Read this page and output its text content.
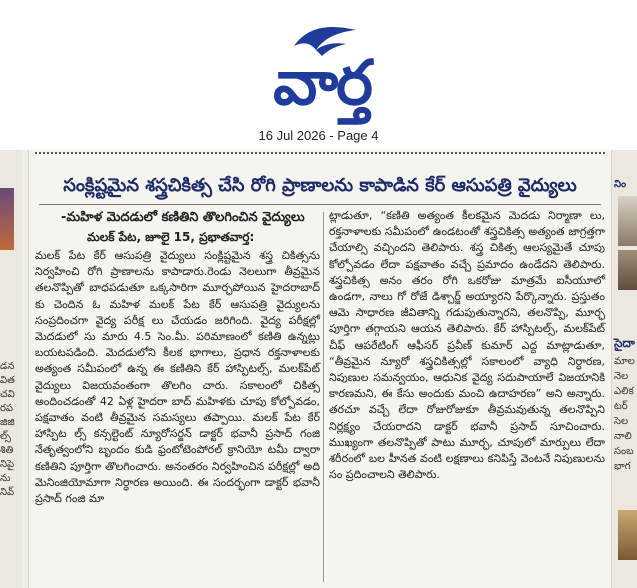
వార్త
16 Jul 2026 - Page 4
డన
విత
చవి
రప
జిజి
ల్స్
శితి
నిపై
ను
నివ్
సంక్లిష్టమైన శస్త్రచికిత్స చేసి రోగి ప్రాణాలను కాపాడిన కేర్ ఆసుపత్రి వైద్యులు
-మహిళ మెదడులో కణితిని తొలగించిన వైద్యులు
మలక్ పేట, జూలై 15, ప్రభాతవార్త:

మలక్ పేట కేర్ ఆసుపత్రి వైద్యులు సంక్లిష్టమైన శస్త్ర చికిత్సను నిర్వహించి రోగి ప్రాణాలను కాపాడారు.రెండు నెలలుగా తీవ్రమైన తలనొప్పితో బాధపడుతూ ఒక్కసారిగా మూర్ఛపోయిన హైదరాబాద్ కు చెందిన ఓ మహిళ మలక్ పేట కేర్ ఆసుపత్రి వైద్యులను సంప్రదించగా వైద్య పరీక్ష లు చేయడం జరిగింది. వైద్య పరీక్షల్లో మెదడులో సు మారు 4.5 సెం.మీ. పరిమాణంలో కణితి ఉన్నట్లు బయటపడింది. మెదడులోని కీలక భాగాలు, ప్రధాన రక్తనాళాలకు అత్యంత సమీపంలో ఉన్న ఈ కణితిని కేర్ హాస్పిటల్స్, మలక్‌పేట్ వైద్యులు విజయవంతంగా తొలగిం చారు. సకాలంలో చికిత్స అందించడంతో 42 ఏళ్ల హైదరా బాద్ మహిళకు చూపు కోల్పోవడం, పక్షవాతం వంటి తీవ్రమైన సమస్యలు తప్పాయి. మలక్ పేట కేర్ హాస్పిట ల్స్ కన్సల్టెంట్ న్యూరోసర్జన్ డాక్టర్ భవానీ ప్రసాద్ గంజి నేతృత్వంలోని బృందం కుడి ఫ్రంటోటెంపోరల్ క్రానియో టమీ ద్వారా కణితిని పూర్తిగా తొలగించారు. అనంతరం నిర్వహించిన పరీక్షల్లో అది మెనింజియోమాగా నిర్ధారణ అయింది. ఈ సందర్భంగా డాక్టర్ భవానీ ప్రసాద్ గంజి మా

ట్లాడుతూ, “కణితి అత్యంత కీలకమైన మెదడు నిర్మాణా లు, రక్తనాళాలకు సమీపంలో ఉండటంతో శస్త్రచికిత్స అత్యంత జాగ్రత్తగా చేయాల్సి వచ్చిందని తెలిపారు. శస్త్ర చికిత్స ఆలస్యమైతే చూపు కోల్పోవడం లేదా పక్షవాతం వచ్చే ప్రమాదం ఉండేదని తెలిపారు. శస్త్రచికిత్స అనం తరం రోగి ఒకరోజు మాత్రమే ఐసీయూలో ఉండగా, నాలు గో రోజే డిశ్చార్జ్ అయ్యారని పేర్కొన్నారు. ప్రస్తుతం ఆమె సాధారణ జీవితాన్ని గడుపుతున్నారని, తలనొప్పి, మూర్ఛ పూర్తిగా తగ్గాయని ఆయన తెలిపారు. కేర్ హాస్పిటల్స్, మలక్‌పేట్ చీఫ్ ఆపరేటింగ్ ఆఫీసర్ ప్రవీణ్ కుమార్ ఎద్ద మాట్లాడుతూ, “తీవ్రమైన న్యూరో శస్త్రచికిత్సల్లో సకాలంలో వ్యాధి నిర్ధారణ, నిపుణుల సమన్వయం, ఆధునిక వైద్య సదుపాయాలే విజయానికి కారణమని, ఈ కేసు అందుకు మంచి ఉదాహరణ” అని అన్నారు. తరచూ వచ్చే లేదా రోజురోజుకూ తీవ్రమవుతున్న తలనొప్పిని నిర్లక్ష్యం చేయరాదని డాక్టర్ భవానీ ప్రసాద్ సూచించారు. ముఖ్యంగా తలనొప్పితో పాటు మూర్ఛ, చూపులో మార్పులు లేదా శరీరంలో బల హీనత వంటి లక్షణాలు కనిపిస్తే వెంటనే నిపుణులను సం ప్రదించాలని తెలిపారు.

నిం
సైదా
మాల
నెల
ఎలిక
టర్
సెల
నాలి
సంబ
భాగ
